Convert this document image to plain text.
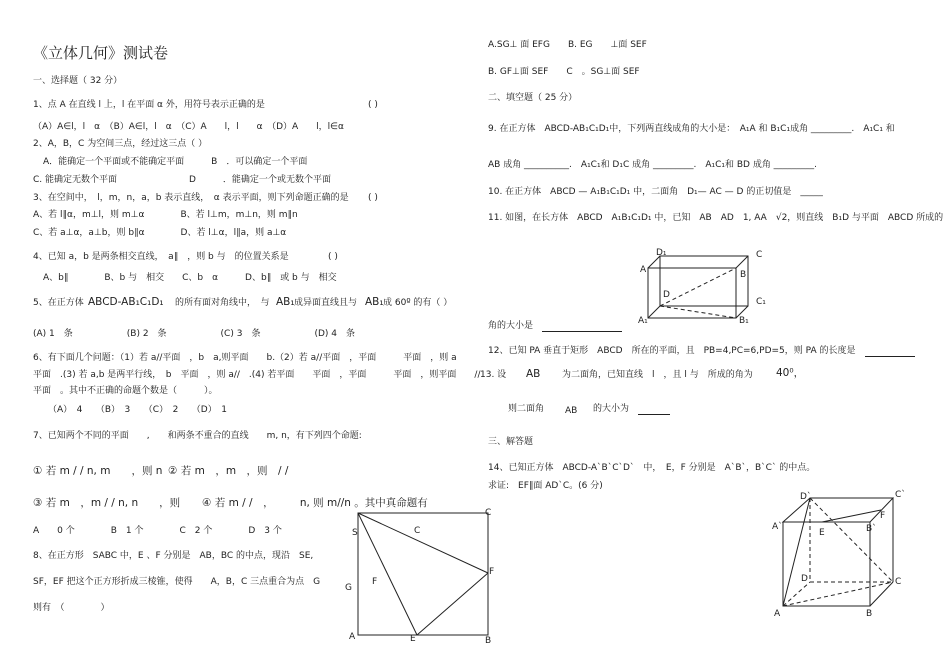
《立体几何》测试卷
一、选择题（ 32 分）
1、点 A 在直线 l 上，l 在平面 α 外，用符号表示正确的是	( )
（A）A∈l，l　α　（B）A∈l，l　α　（C）A　　l，l　　α　（D）A　　l，l∈α
2、A，B，C 为空间三点，经过这三点（ ）
A．能确定一个平面或不能确定平面　　　B　．可以确定一个平面
C. 能确定无数个平面　　　　　　　　D　　　．能确定一个或无数个平面
3、在空间中，　l，m，n，a，b 表示直线，　α 表示平面，则下列命题正确的是 ( )
A、若 l∥α，m⊥l，则 m⊥α　　　　B、若 l⊥m，m⊥n，则 m∥n
C、若 a⊥α，a⊥b，则 b∥α　　　　D、若 l⊥α，l∥a，则 a⊥α
4、已知 a，b 是两条相交直线，　a∥　，则 b 与　的位置关系是	( )
A、b∥　　　　B、b 与　相交　　C、b　α　　　D、b∥　或 b 与　相交
5、在正方体 ABCD-AB₁C₁D₁ 的所有面对角线中，　与 AB₁ 成异面直线且与 AB₁ 成 60º 的有（ ）
(A) 1　条　　　　　　(B) 2　条　　　　　　(C) 3　条　　　　　　(D) 4　条
6、有下面几个问题：（1）若 a//平面　，b　a,则平面　　b.（2）若 a//平面　，平面　　　平面　，则 a
平面　.(3) 若 a,b 是两平行线，　b　平面　，则 a//　.(4) 若平面　　平面　，平面　　　平面　，则平面　　//
平面　。其中不正确的命题个数是（　　　）。
（A）　4　　（B）　3　　（C）　2　　（D）　1
7、已知两个不同的平面　　,　　和两条不重合的直线　　m, n，有下列四个命题:
① 若 m / / n, m　　，则 n ② 若 m　，m　，则　/ /
③ 若 m　，m / / n, n　　，则 ④ 若 m / /　，　　　n, 则 m//n 。其中真命题有
A　　0 个　　　　B　1 个　　　　C　2 个　　　　D　3 个
8、在正方形　SABC 中，E 、F 分别是　AB，BC 的中点，现沿　SE,
SF，EF 把这个正方形折成三棱锥，使得　　A，B，C 三点重合为点　G
则有　（　　　　）
S
C
C
G
F
F
A	E	B
A.SG⊥ 面 EFG　　B. EG　　⊥面 SEF
B. GF⊥面 SEF　　C　。SG⊥面 SEF
二、填空题（ 25 分）
9. 在正方体　ABCD-AB₁C₁D₁中，下列两直线成角的大小是：　A₁A 和 B₁C₁成角 _________.　A₁C₁ 和
AB 成角 __________.　A₁C₁和 D₁C 成角 _________.　A₁C₁和 BD 成角 _________.
10. 在正方体　ABCD — A₁B₁C₁D₁ 中，二面角　D₁— AC — D 的正切值是　_____
11. 如图，在长方体　ABCD　A₁B₁C₁D₁ 中，已知　AB　AD　1, AA　√2，则直线　B₁D 与平面　ABCD 所成的
D₁	C
A	B
D
C₁
A₁	B₁
角的大小是　
12、已知 PA 垂直于矩形　ABCD　所在的平面，且　PB=4,PC=6,PD=5，则 PA 的长度是　
13. 设 AB 为二面角，已知直线　l　，且 l 与　所成的角为 40⁰，
则二面角 AB 的大小为　
三、解答题
14、已知正方体　ABCD-A`B`C`D`　中，　E，F 分别是　A`B`，B`C` 的中点。
求证:　EF∥面 AD`C。(6 分)
D`	C`
A`	B`
E
F
D	C
A	B
